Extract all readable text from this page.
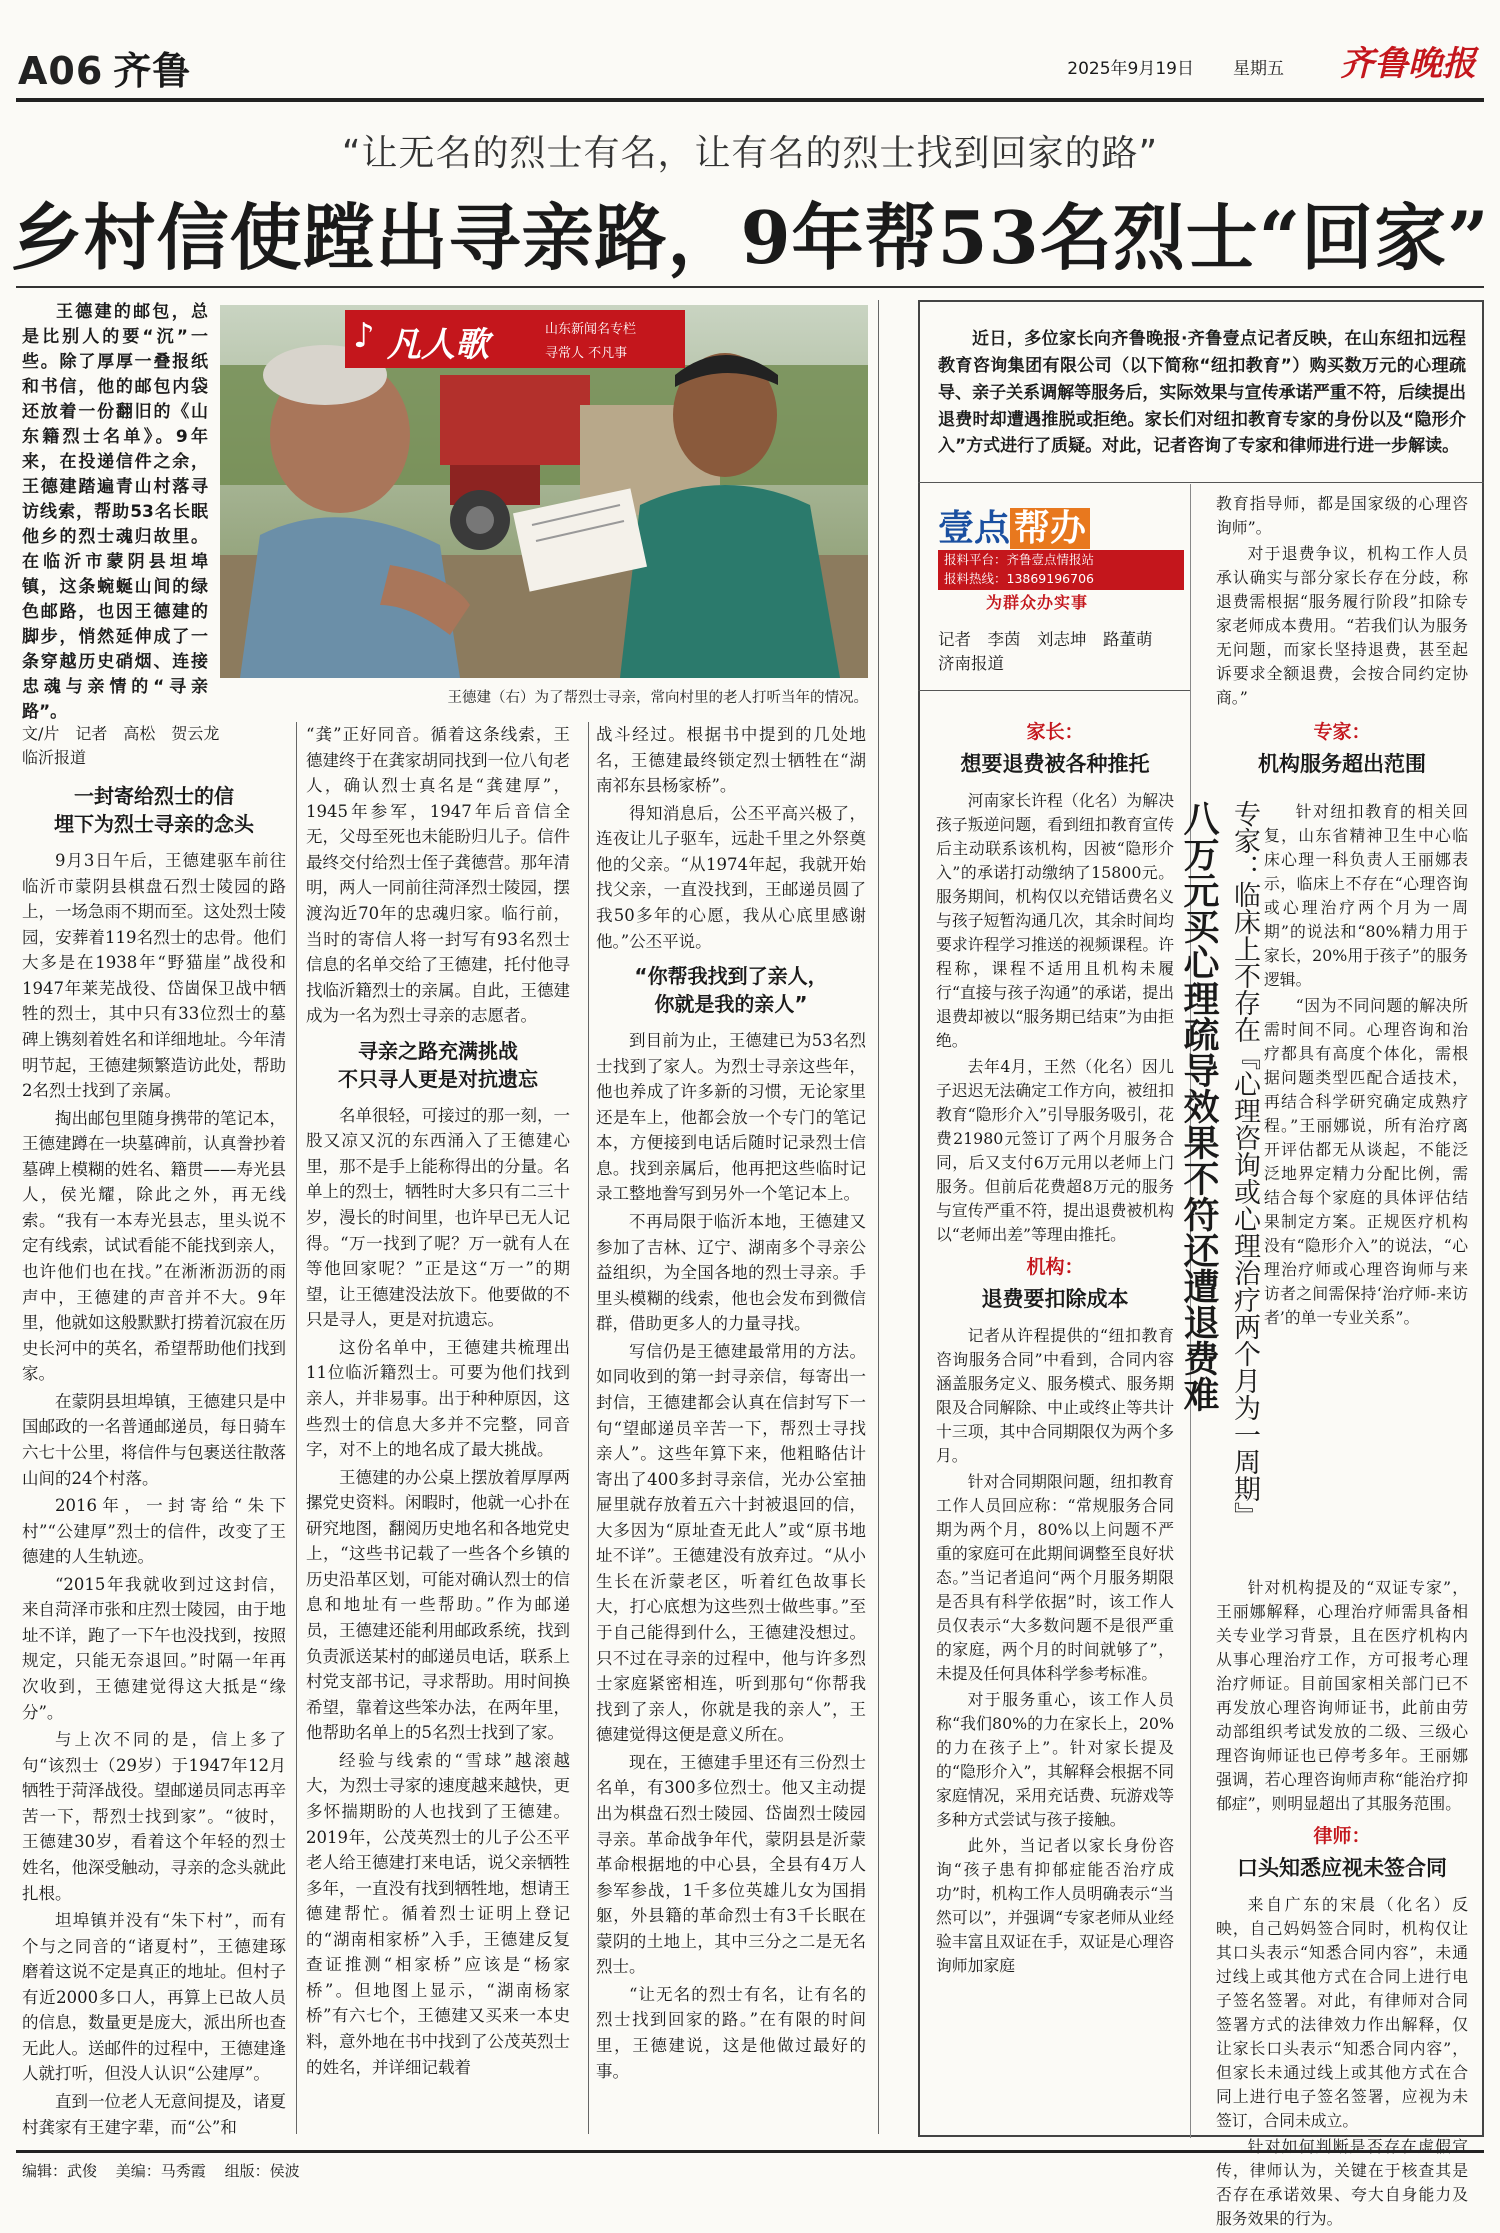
A06 齐鲁	2025年9月19日 星期五 齐鲁晚报
“让无名的烈士有名，让有名的烈士找到回家的路”
乡村信使蹚出寻亲路，9年帮53名烈士“回家”
王德建的邮包，总是比别人的要“沉”一些。除了厚厚一叠报纸和书信，他的邮包内袋还放着一份翻旧的《山东籍烈士名单》。9年来，在投递信件之余，王德建踏遍青山村落寻访线索，帮助53名长眠他乡的烈士魂归故里。在临沂市蒙阴县坦埠镇，这条蜿蜒山间的绿色邮路，也因王德建的脚步，悄然延伸成了一条穿越历史硝烟、连接忠魂与亲情的“寻亲路”。
♪ 凡人歌	山东新闻名专栏
寻常人 不凡事
王德建（右）为了帮烈士寻亲，常向村里的老人打听当年的情况。
文/片　记者　高松　贺云龙
临沂报道
一封寄给烈士的信
埋下为烈士寻亲的念头

9月3日午后，王德建驱车前往临沂市蒙阴县棋盘石烈士陵园的路上，一场急雨不期而至。这处烈士陵园，安葬着119名烈士的忠骨。他们大多是在1938年“野猫崖”战役和1947年莱芜战役、岱崮保卫战中牺牲的烈士，其中只有33位烈士的墓碑上镌刻着姓名和详细地址。今年清明节起，王德建频繁造访此处，帮助2名烈士找到了亲属。

掏出邮包里随身携带的笔记本，王德建蹲在一块墓碑前，认真誊抄着墓碑上模糊的姓名、籍贯——寿光县人，侯光耀，除此之外，再无线索。“我有一本寿光县志，里头说不定有线索，试试看能不能找到亲人，也许他们也在找。”在淅淅沥沥的雨声中，王德建的声音并不大。9年里，他就如这般默默打捞着沉寂在历史长河中的英名，希望帮助他们找到家。

在蒙阴县坦埠镇，王德建只是中国邮政的一名普通邮递员，每日骑车六七十公里，将信件与包裹送往散落山间的24个村落。

2016年，一封寄给“朱下村”“公建厚”烈士的信件，改变了王德建的人生轨迹。

“2015年我就收到过这封信，来自菏泽市张和庄烈士陵园，由于地址不详，跑了一下午也没找到，按照规定，只能无奈退回。”时隔一年再次收到，王德建觉得这大抵是“缘分”。

与上次不同的是，信上多了句“该烈士（29岁）于1947年12月牺牲于菏泽战役。望邮递员同志再辛苦一下，帮烈士找到家”。“彼时，王德建30岁，看着这个年轻的烈士姓名，他深受触动，寻亲的念头就此扎根。

坦埠镇并没有“朱下村”，而有个与之同音的“诸夏村”，王德建琢磨着这说不定是真正的地址。但村子有近2000多口人，再算上已故人员的信息，数量更是庞大，派出所也查无此人。送邮件的过程中，王德建逢人就打听，但没人认识“公建厚”。

直到一位老人无意间提及，诸夏村龚家有王建字辈，而“公”和

“龚”正好同音。循着这条线索，王德建终于在龚家胡同找到一位八旬老人，确认烈士真名是“龚建厚”，1945年参军，1947年后音信全无，父母至死也未能盼归儿子。信件最终交付给烈士侄子龚德营。那年清明，两人一同前往菏泽烈士陵园，摆渡沟近70年的忠魂归家。临行前，当时的寄信人将一封写有93名烈士信息的名单交给了王德建，托付他寻找临沂籍烈士的亲属。自此，王德建成为一名为烈士寻亲的志愿者。

寻亲之路充满挑战
不只寻人更是对抗遗忘

名单很轻，可接过的那一刻，一股又凉又沉的东西涌入了王德建心里，那不是手上能称得出的分量。名单上的烈士，牺牲时大多只有二三十岁，漫长的时间里，也许早已无人记得。“万一找到了呢？万一就有人在等他回家呢？”正是这“万一”的期望，让王德建没法放下。他要做的不只是寻人，更是对抗遗忘。

这份名单中，王德建共梳理出11位临沂籍烈士。可要为他们找到亲人，并非易事。出于种种原因，这些烈士的信息大多并不完整，同音字，对不上的地名成了最大挑战。

王德建的办公桌上摆放着厚厚两摞党史资料。闲暇时，他就一心扑在研究地图，翻阅历史地名和各地党史上，“这些书记载了一些各个乡镇的历史沿革区划，可能对确认烈士的信息和地址有一些帮助。”作为邮递员，王德建还能利用邮政系统，找到负责派送某村的邮递员电话，联系上村党支部书记，寻求帮助。用时间换希望，靠着这些笨办法，在两年里，他帮助名单上的5名烈士找到了家。

经验与线索的“雪球”越滚越大，为烈士寻家的速度越来越快，更多怀揣期盼的人也找到了王德建。2019年，公茂英烈士的儿子公丕平老人给王德建打来电话，说父亲牺牲多年，一直没有找到牺牲地，想请王德建帮忙。循着烈士证明上登记的“湖南相家桥”入手，王德建反复查证推测“相家桥”应该是“杨家桥”。但地图上显示，“湖南杨家桥”有六七个，王德建又买来一本史料，意外地在书中找到了公茂英烈士的姓名，并详细记载着

战斗经过。根据书中提到的几处地名，王德建最终锁定烈士牺牲在“湖南祁东县杨家桥”。

得知消息后，公丕平高兴极了，连夜让儿子驱车，远赴千里之外祭奠他的父亲。“从1974年起，我就开始找父亲，一直没找到，王邮递员圆了我50多年的心愿，我从心底里感谢他。”公丕平说。

“你帮我找到了亲人，
你就是我的亲人”

到目前为止，王德建已为53名烈士找到了家人。为烈士寻亲这些年，他也养成了许多新的习惯，无论家里还是车上，他都会放一个专门的笔记本，方便接到电话后随时记录烈士信息。找到亲属后，他再把这些临时记录工整地誊写到另外一个笔记本上。

不再局限于临沂本地，王德建又参加了吉林、辽宁、湖南多个寻亲公益组织，为全国各地的烈士寻亲。手里头模糊的线索，他也会发布到微信群，借助更多人的力量寻找。

写信仍是王德建最常用的方法。如同收到的第一封寻亲信，每寄出一封信，王德建都会认真在信封写下一句“望邮递员辛苦一下，帮烈士寻找亲人”。这些年算下来，他粗略估计寄出了400多封寻亲信，光办公室抽屉里就存放着五六十封被退回的信，大多因为“原址查无此人”或“原书地址不详”。王德建没有放弃过。“从小生长在沂蒙老区，听着红色故事长大，打心底想为这些烈士做些事。”至于自己能得到什么，王德建没想过。只不过在寻亲的过程中，他与许多烈士家庭紧密相连，听到那句“你帮我找到了亲人，你就是我的亲人”，王德建觉得这便是意义所在。

现在，王德建手里还有三份烈士名单，有300多位烈士。他又主动提出为棋盘石烈士陵园、岱崮烈士陵园寻亲。革命战争年代，蒙阴县是沂蒙革命根据地的中心县，全县有4万人参军参战，1千多位英雄儿女为国捐躯，外县籍的革命烈士有3千长眠在蒙阴的土地上，其中三分之二是无名烈士。

“让无名的烈士有名，让有名的烈士找到回家的路。”在有限的时间里，王德建说，这是他做过最好的事。

近日，多位家长向齐鲁晚报·齐鲁壹点记者反映，在山东纽扣远程教育咨询集团有限公司（以下简称“纽扣教育”）购买数万元的心理疏导、亲子关系调解等服务后，实际效果与宣传承诺严重不符，后续提出退费时却遭遇推脱或拒绝。家长们对纽扣教育专家的身份以及“隐形介入”方式进行了质疑。对此，记者咨询了专家和律师进行进一步解读。
壹点 帮办
报料平台：齐鲁壹点情报站
报料热线：13869196706
为群众办实事
记者　李茵　刘志坤　路董萌
济南报道
家长：
想要退费被各种推托

河南家长许程（化名）为解决孩子叛逆问题，看到纽扣教育宣传后主动联系该机构，因被“隐形介入”的承诺打动缴纳了15800元。服务期间，机构仅以充错话费名义与孩子短暂沟通几次，其余时间均要求许程学习推送的视频课程。许程称，课程不适用且机构未履行“直接与孩子沟通”的承诺，提出退费却被以“服务期已结束”为由拒绝。

去年4月，王然（化名）因儿子迟迟无法确定工作方向，被纽扣教育“隐形介入”引导服务吸引，花费21980元签订了两个月服务合同，后又支付6万元用以老师上门服务。但前后花费超8万元的服务与宣传严重不符，提出退费被机构以“老师出差”等理由推托。

机构：
退费要扣除成本

记者从许程提供的“纽扣教育咨询服务合同”中看到，合同内容涵盖服务定义、服务模式、服务期限及合同解除、中止或终止等共计十三项，其中合同期限仅为两个多月。

针对合同期限问题，纽扣教育工作人员回应称：“常规服务合同期为两个月，80%以上问题不严重的家庭可在此期间调整至良好状态。”当记者追问“两个月服务期限是否具有科学依据”时，该工作人员仅表示“大多数问题不是很严重的家庭，两个月的时间就够了”，未提及任何具体科学参考标准。

对于服务重心，该工作人员称“我们80%的力在家长上，20%的力在孩子上”。针对家长提及的“隐形介入”，其解释会根据不同家庭情况，采用充话费、玩游戏等多种方式尝试与孩子接触。

此外，当记者以家长身份咨询“孩子患有抑郁症能否治疗成功”时，机构工作人员明确表示“当然可以”，并强调“专家老师从业经验丰富且双证在手，双证是心理咨询师加家庭

八万元买心理疏导效果不符还遭退费难 专家：临床上不存在『心理咨询或心理治疗两个月为一周期』

教育指导师，都是国家级的心理咨询师”。

对于退费争议，机构工作人员承认确实与部分家长存在分歧，称退费需根据“服务履行阶段”扣除专家老师成本费用。“若我们认为服务无问题，而家长坚持退费，甚至起诉要求全额退费，会按合同约定协商。”

专家：
机构服务超出范围

针对纽扣教育的相关回复，山东省精神卫生中心临床心理一科负责人王丽娜表示，临床上不存在“心理咨询或心理治疗两个月为一周期”的说法和“80%精力用于家长，20%用于孩子”的服务逻辑。

“因为不同问题的解决所需时间不同。心理咨询和治疗都具有高度个体化，需根据问题类型匹配合适技术，再结合科学研究确定成熟疗程。”王丽娜说，所有治疗离开评估都无从谈起，不能泛泛地界定精力分配比例，需结合每个家庭的具体评估结果制定方案。正规医疗机构没有“隐形介入”的说法，“心理治疗师或心理咨询师与来访者之间需保持‘治疗师-来访者’的单一专业关系”。

针对机构提及的“双证专家”，王丽娜解释，心理治疗师需具备相关专业学习背景，且在医疗机构内从事心理治疗工作，方可报考心理治疗师证。目前国家相关部门已不再发放心理咨询师证书，此前由劳动部组织考试发放的二级、三级心理咨询师证也已停考多年。王丽娜强调，若心理咨询师声称“能治疗抑郁症”，则明显超出了其服务范围。

律师：
口头知悉应视未签合同

来自广东的宋晨（化名）反映，自己妈妈签合同时，机构仅让其口头表示“知悉合同内容”，未通过线上或其他方式在合同上进行电子签名签署。对此，有律师对合同签署方式的法律效力作出解释，仅让家长口头表示“知悉合同内容”，但家长未通过线上或其他方式在合同上进行电子签名签署，应视为未签订，合同未成立。

针对如何判断是否存在虚假宣传，律师认为，关键在于核查其是否存在承诺效果、夸大自身能力及服务效果的行为。

编辑：武俊 美编：马秀霞 组版：侯波
